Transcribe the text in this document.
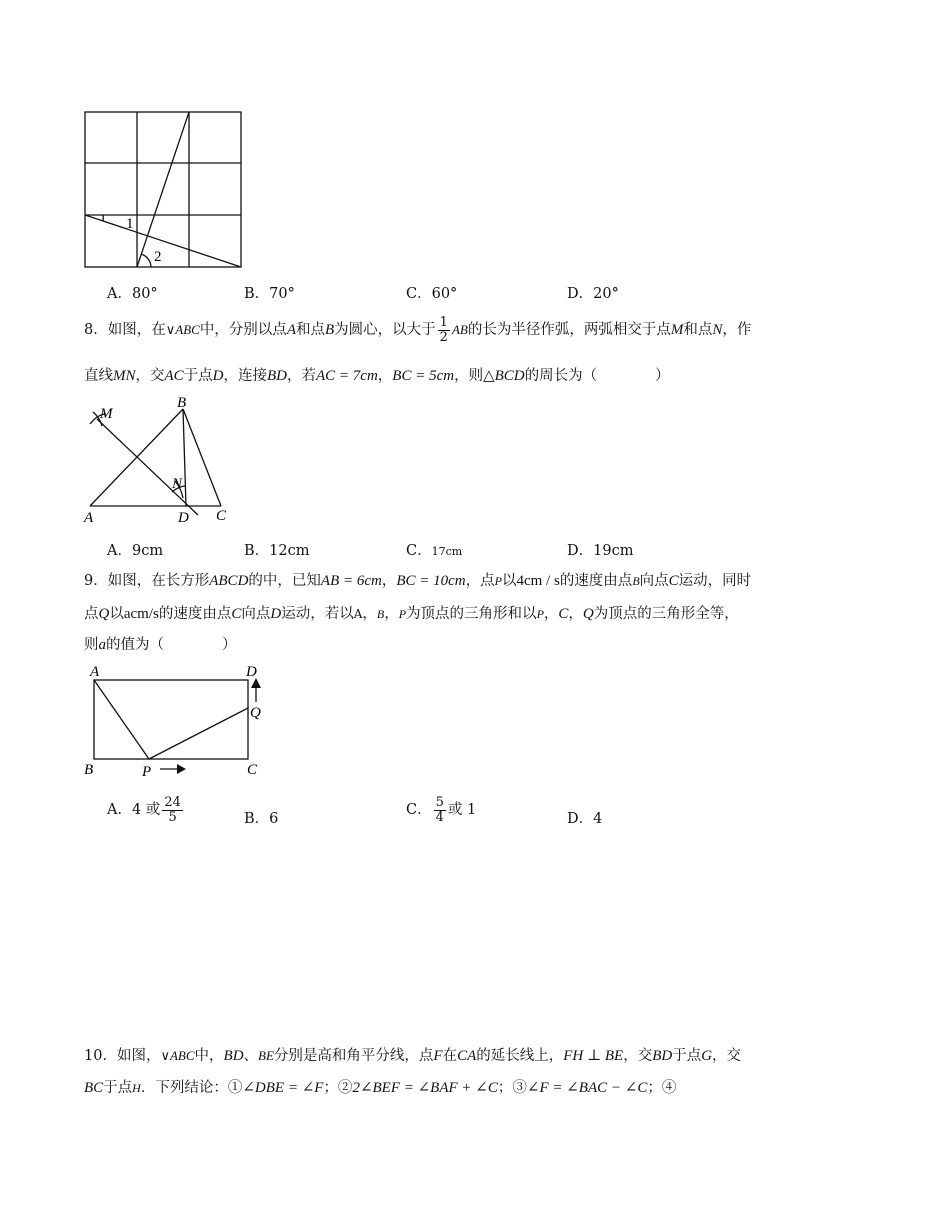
1
2
A．80°	B．70°	C．60°	D．20°
8．如图，在∨ABC中，分别以点A和点B为圆心，以大于 $\frac{1}{2}$ AB的长为半径作弧，两弧相交于点M和点N，作
直线MN，交AC于点D，连接BD，若AC = 7cm，BC = 5cm，则△BCD的周长为（　　　　）
M
B
N
A	D C
A．9cm	B．12cm	C．17cm	D．19cm
9．如图，在长方形ABCD的中，已知AB = 6cm，BC = 10cm，点P以4cm / s的速度由点B向点C运动，同时
点Q以acm/s的速度由点C向点D运动，若以A，B，P为顶点的三角形和以P，C，Q为顶点的三角形全等，
则a的值为（　　　　）
A	D
Q
B	P	C
A．4 或 $\frac{24}{5}$	B．6
C． $\frac{5}{4}$ 或 1
D．4
10．如图，∨ABC中，BD、BE分别是高和角平分线，点F在CA的延长线上，FH ⊥ BE，交BD于点G，交
BC于点H．下列结论：①∠DBE = ∠F；②2∠BEF = ∠BAF + ∠C；③∠F = ∠BAC − ∠C；④
